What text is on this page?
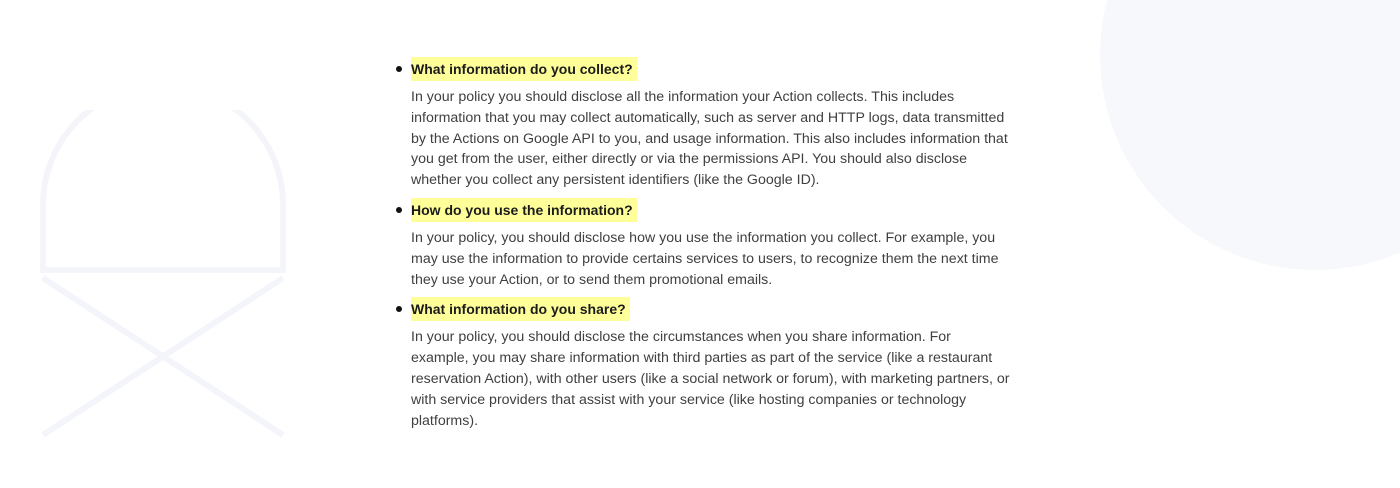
What information do you collect?

In your policy you should disclose all the information your Action collects. This includes information that you may collect automatically, such as server and HTTP logs, data transmitted by the Actions on Google API to you, and usage information. This also includes information that you get from the user, either directly or via the permissions API. You should also disclose whether you collect any persistent identifiers (like the Google ID).

How do you use the information?

In your policy, you should disclose how you use the information you collect. For example, you may use the information to provide certains services to users, to recognize them the next time they use your Action, or to send them promotional emails.

What information do you share?

In your policy, you should disclose the circumstances when you share information. For example, you may share information with third parties as part of the service (like a restaurant reservation Action), with other users (like a social network or forum), with marketing partners, or with service providers that assist with your service (like hosting companies or technology platforms).
